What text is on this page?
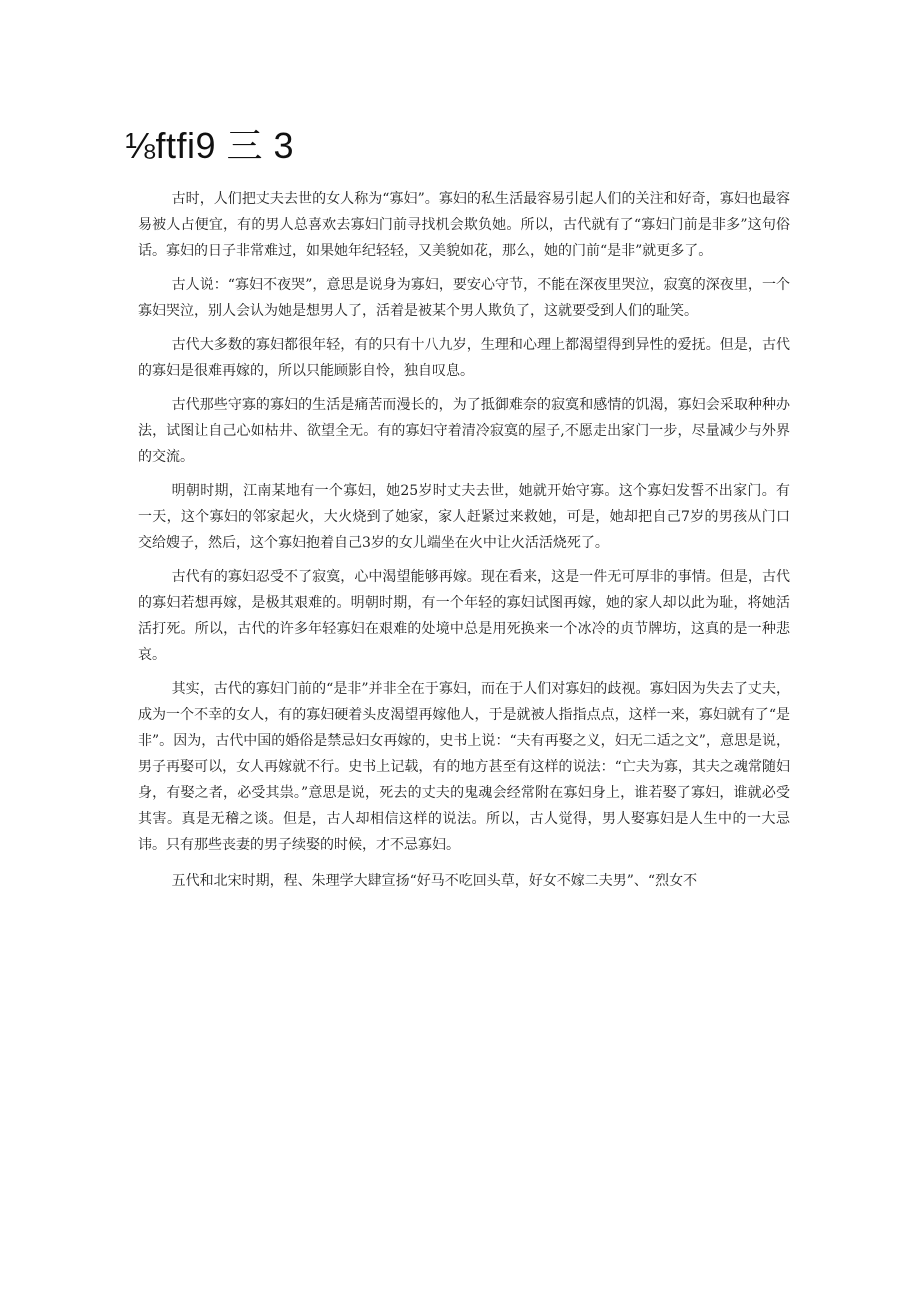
⅛ftfi9 三 3

古时，人们把丈夫去世的女人称为“寡妇”。寡妇的私生活最容易引起人们的关注和好奇，寡妇也最容易被人占便宜，有的男人总喜欢去寡妇门前寻找机会欺负她。所以，古代就有了“寡妇门前是非多”这句俗话。寡妇的日子非常难过，如果她年纪轻轻，又美貌如花，那么，她的门前“是非”就更多了。

古人说：“寡妇不夜哭”，意思是说身为寡妇，要安心守节，不能在深夜里哭泣，寂寞的深夜里，一个寡妇哭泣，别人会认为她是想男人了，活着是被某个男人欺负了，这就要受到人们的耻笑。

古代大多数的寡妇都很年轻，有的只有十八九岁，生理和心理上都渴望得到异性的爱抚。但是，古代的寡妇是很难再嫁的，所以只能顾影自怜，独自叹息。

古代那些守寡的寡妇的生活是痛苦而漫长的，为了抵御难奈的寂寞和感情的饥渴，寡妇会采取种种办法，试图让自己心如枯井、欲望全无。有的寡妇守着清冷寂寞的屋子,不愿走出家门一步，尽量减少与外界的交流。

明朝时期，江南某地有一个寡妇，她25岁时丈夫去世，她就开始守寡。这个寡妇发誓不出家门。有一天，这个寡妇的邻家起火，大火烧到了她家，家人赶紧过来救她，可是，她却把自己7岁的男孩从门口交给嫂子，然后，这个寡妇抱着自己3岁的女儿端坐在火中让火活活烧死了。

古代有的寡妇忍受不了寂寞，心中渴望能够再嫁。现在看来，这是一件无可厚非的事情。但是，古代的寡妇若想再嫁，是极其艰难的。明朝时期，有一个年轻的寡妇试图再嫁，她的家人却以此为耻，将她活活打死。所以，古代的许多年轻寡妇在艰难的处境中总是用死换来一个冰冷的贞节牌坊，这真的是一种悲哀。

其实，古代的寡妇门前的“是非”并非全在于寡妇，而在于人们对寡妇的歧视。寡妇因为失去了丈夫，成为一个不幸的女人，有的寡妇硬着头皮渴望再嫁他人，于是就被人指指点点，这样一来，寡妇就有了“是非”。因为，古代中国的婚俗是禁忌妇女再嫁的，史书上说：“夫有再娶之义，妇无二适之文”，意思是说，男子再娶可以，女人再嫁就不行。史书上记载，有的地方甚至有这样的说法：“亡夫为寡，其夫之魂常随妇身，有娶之者，必受其祟。”意思是说，死去的丈夫的鬼魂会经常附在寡妇身上，谁若娶了寡妇，谁就必受其害。真是无稽之谈。但是，古人却相信这样的说法。所以，古人觉得，男人娶寡妇是人生中的一大忌讳。只有那些丧妻的男子续娶的时候，才不忌寡妇。

五代和北宋时期，程、朱理学大肆宣扬“好马不吃回头草，好女不嫁二夫男”、“烈女不
